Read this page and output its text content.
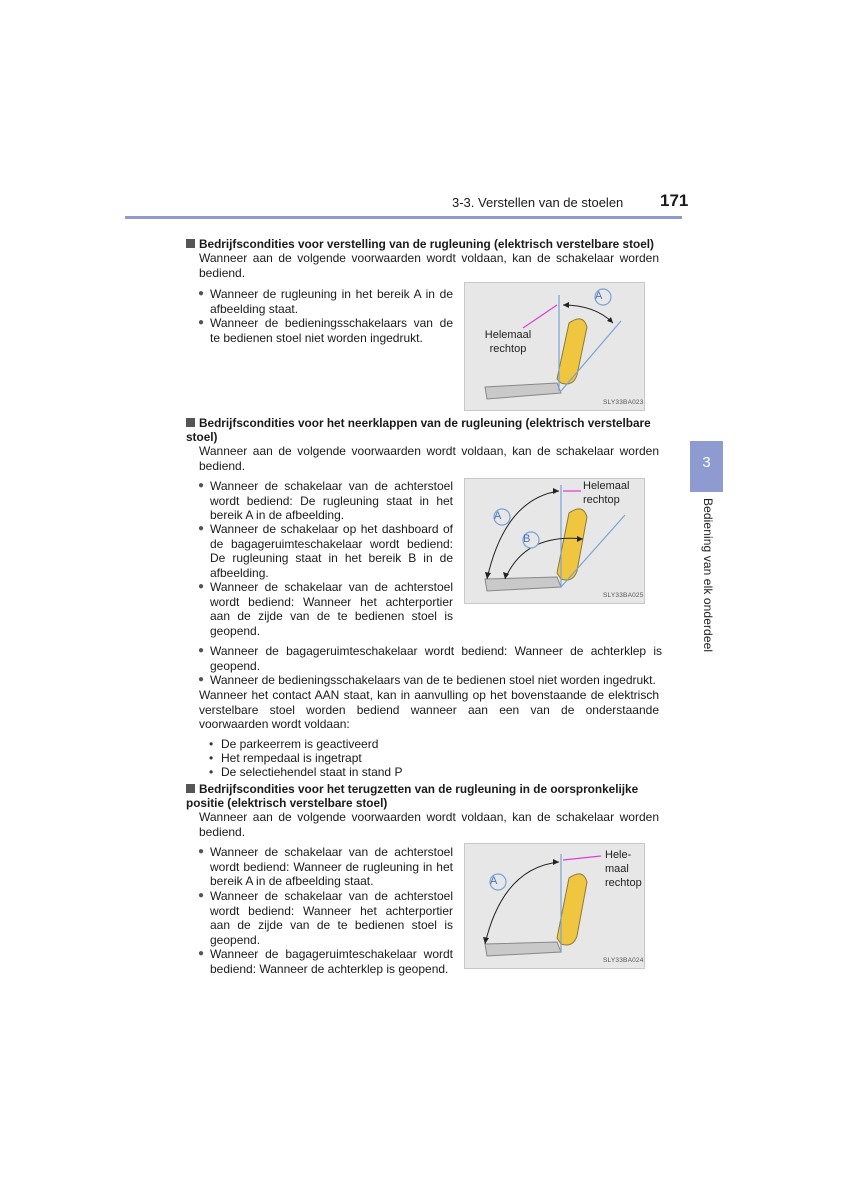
3-3. Verstellen van de stoelen 171
3
Bediening van elk onderdeel
Bedrijfscondities voor verstelling van de rugleuning (elektrisch verstelbare stoel)
Wanneer aan de volgende voorwaarden wordt voldaan, kan de schakelaar worden bediend.
● Wanneer de rugleuning in het bereik A in de afbeelding staat.
● Wanneer de bedieningsschakelaars van de te bedienen stoel niet worden ingedrukt.
A
Helemaal rechtop
SLY33BA023
Bedrijfscondities voor het neerklappen van de rugleuning (elektrisch verstelbare stoel)
Wanneer aan de volgende voorwaarden wordt voldaan, kan de schakelaar worden bediend.
● Wanneer de schakelaar van de achterstoel wordt bediend: De rugleuning staat in het bereik A in de afbeelding.
● Wanneer de schakelaar op het dashboard of de bagageruimteschakelaar wordt bediend: De rugleuning staat in het bereik B in de afbeelding.
● Wanneer de schakelaar van de achterstoel wordt bediend: Wanneer het achterportier aan de zijde van de te bedienen stoel is geopend.
● Wanneer de bagageruimteschakelaar wordt bediend: Wanneer de achterklep is geopend.
● Wanneer de bedieningsschakelaars van de te bedienen stoel niet worden ingedrukt.
Wanneer het contact AAN staat, kan in aanvulling op het bovenstaande de elektrisch verstelbare stoel worden bediend wanneer aan een van de onderstaande voorwaarden wordt voldaan:
• De parkeerrem is geactiveerd
• Het rempedaal is ingetrapt
• De selectiehendel staat in stand P
A
B
Helemaal rechtop
SLY33BA025
Bedrijfscondities voor het terugzetten van de rugleuning in de oorspronkelijke positie (elektrisch verstelbare stoel)
Wanneer aan de volgende voorwaarden wordt voldaan, kan de schakelaar worden bediend.
● Wanneer de schakelaar van de achterstoel wordt bediend: Wanneer de rugleuning in het bereik A in de afbeelding staat.
● Wanneer de schakelaar van de achterstoel wordt bediend: Wanneer het achterportier aan de zijde van de te bedienen stoel is geopend.
● Wanneer de bagageruimteschakelaar wordt bediend: Wanneer de achterklep is geopend.
A
Hele-maal rechtop
SLY33BA024
